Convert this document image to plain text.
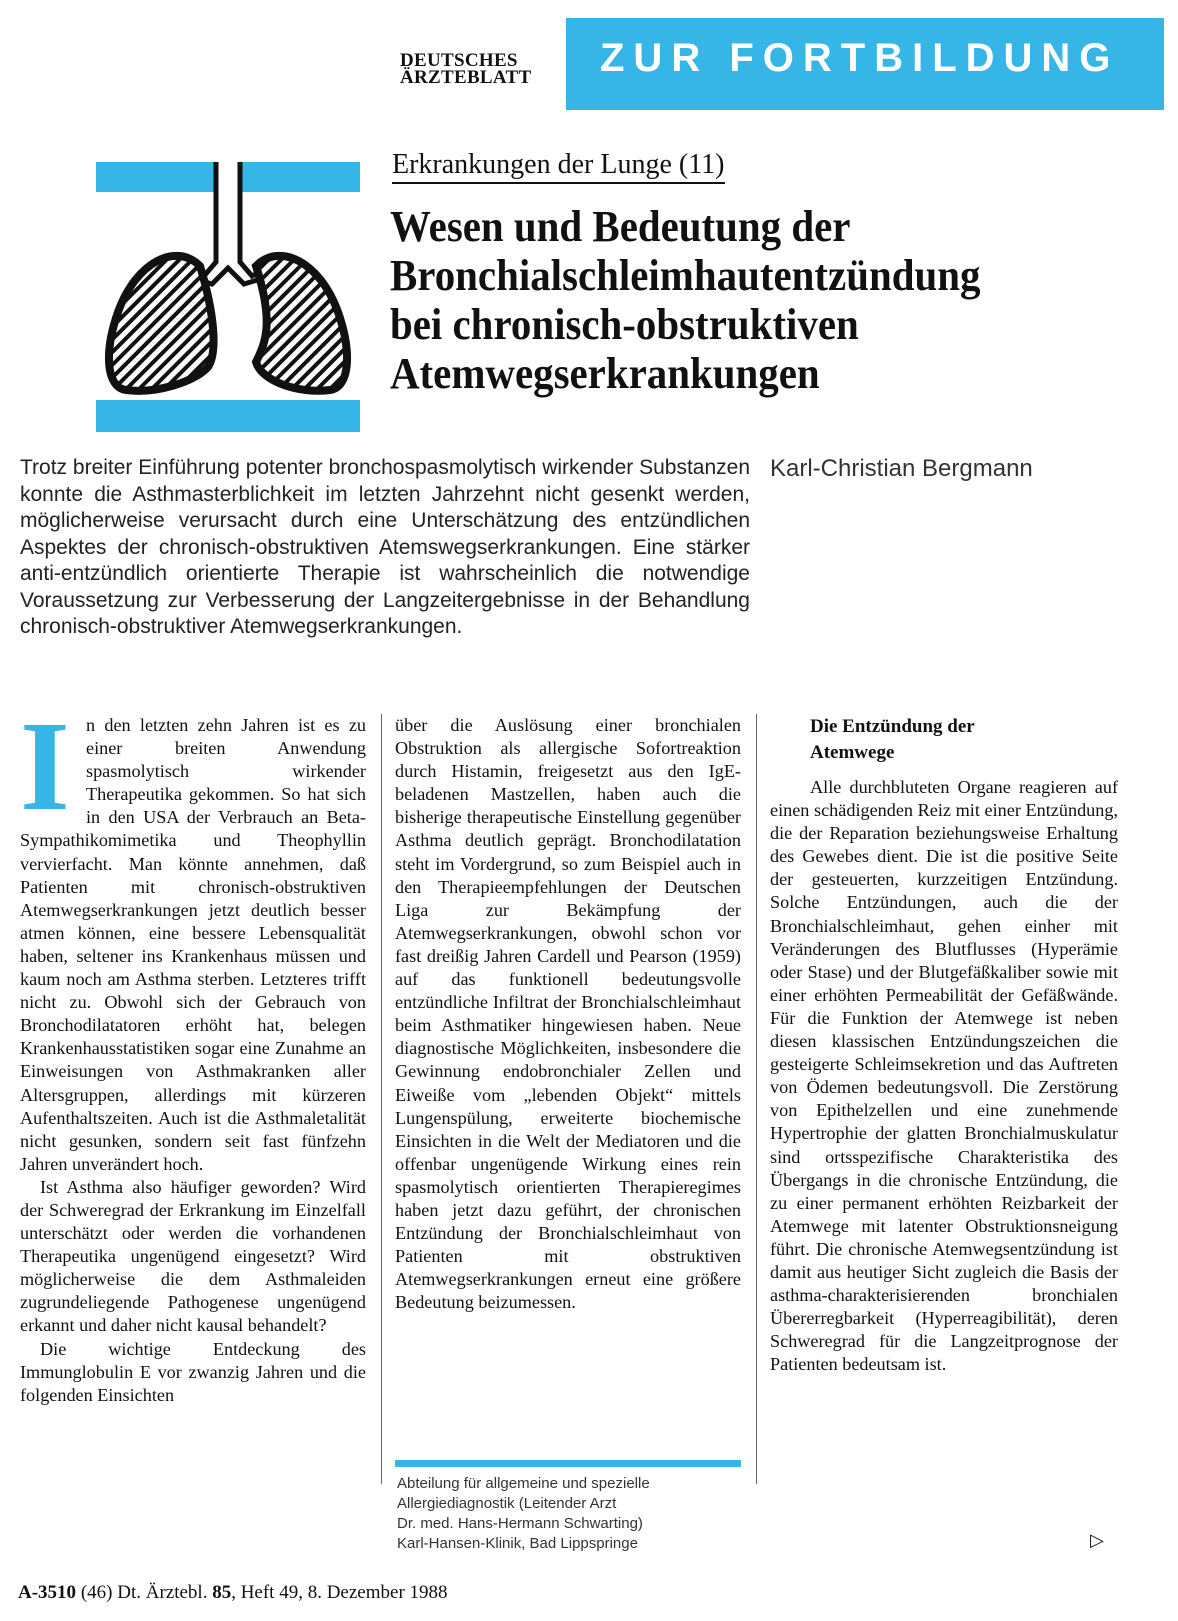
DEUTSCHES
ÄRZTEBLATT	ZUR FORTBILDUNG
Erkrankungen der Lunge (11)
Wesen und Bedeutung der
Bronchialschleimhautentzündung
bei chronisch-obstruktiven
Atemwegserkrankungen
Trotz breiter Einführung potenter bronchospasmolytisch wirkender Substanzen konnte die Asthmasterblichkeit im letzten Jahrzehnt nicht gesenkt werden, möglicherweise verursacht durch eine Unterschätzung des entzündlichen Aspektes der chronisch-obstruktiven Atemswegserkrankungen. Eine stärker anti-entzündlich orientierte Therapie ist wahrscheinlich die notwendige Voraussetzung zur Verbesserung der Langzeitergebnisse in der Behandlung chronisch-obstruktiver Atemwegserkrankungen.
Karl-Christian Bergmann

In den letzten zehn Jahren ist es zu einer breiten Anwendung spasmolytisch wirkender Therapeutika gekommen. So hat sich in den USA der Verbrauch an Beta-Sympathikomimetika und Theophyllin vervierfacht. Man könnte annehmen, daß Patienten mit chronisch-obstruktiven Atemwegserkrankungen jetzt deutlich besser atmen können, eine bessere Lebensqualität haben, seltener ins Krankenhaus müssen und kaum noch am Asthma sterben. Letzteres trifft nicht zu. Obwohl sich der Gebrauch von Bronchodilatatoren erhöht hat, belegen Krankenhausstatistiken sogar eine Zunahme an Einweisungen von Asthmakranken aller Altersgruppen, allerdings mit kürzeren Aufenthaltszeiten. Auch ist die Asthmaletalität nicht gesunken, sondern seit fast fünfzehn Jahren unverändert hoch.

Ist Asthma also häufiger geworden? Wird der Schweregrad der Erkrankung im Einzelfall unterschätzt oder werden die vorhandenen Therapeutika ungenügend eingesetzt? Wird möglicherweise die dem Asthmaleiden zugrundeliegende Pathogenese ungenügend erkannt und daher nicht kausal behandelt?

Die wichtige Entdeckung des Immunglobulin E vor zwanzig Jahren und die folgenden Einsichten

über die Auslösung einer bronchialen Obstruktion als allergische Sofortreaktion durch Histamin, freigesetzt aus den IgE-beladenen Mastzellen, haben auch die bisherige therapeutische Einstellung gegenüber Asthma deutlich geprägt. Bronchodilatation steht im Vordergrund, so zum Beispiel auch in den Therapieempfehlungen der Deutschen Liga zur Bekämpfung der Atemwegserkrankungen, obwohl schon vor fast dreißig Jahren Cardell und Pearson (1959) auf das funktionell bedeutungsvolle entzündliche Infiltrat der Bronchialschleimhaut beim Asthmatiker hingewiesen haben. Neue diagnostische Möglichkeiten, insbesondere die Gewinnung endobronchialer Zellen und Eiweiße vom „lebenden Objekt“ mittels Lungenspülung, erweiterte biochemische Einsichten in die Welt der Mediatoren und die offenbar ungenügende Wirkung eines rein spasmolytisch orientierten Therapieregimes haben jetzt dazu geführt, der chronischen Entzündung der Bronchialschleimhaut von Patienten mit obstruktiven Atemwegserkrankungen erneut eine größere Bedeutung beizumessen.

Abteilung für allgemeine und spezielle
Allergiediagnostik (Leitender Arzt
Dr. med. Hans-Hermann Schwarting)
Karl-Hansen-Klinik, Bad Lippspringe
Die Entzündung der Atemwege

Alle durchbluteten Organe reagieren auf einen schädigenden Reiz mit einer Entzündung, die der Reparation beziehungsweise Erhaltung des Gewebes dient. Die ist die positive Seite der gesteuerten, kurzzeitigen Entzündung. Solche Entzündungen, auch die der Bronchialschleimhaut, gehen einher mit Veränderungen des Blutflusses (Hyperämie oder Stase) und der Blutgefäßkaliber sowie mit einer erhöhten Permeabilität der Gefäßwände. Für die Funktion der Atemwege ist neben diesen klassischen Entzündungszeichen die gesteigerte Schleimsekretion und das Auftreten von Ödemen bedeutungsvoll. Die Zerstörung von Epithelzellen und eine zunehmende Hypertrophie der glatten Bronchialmuskulatur sind ortsspezifische Charakteristika des Übergangs in die chronische Entzündung, die zu einer permanent erhöhten Reizbarkeit der Atemwege mit latenter Obstruktionsneigung führt. Die chronische Atemwegsentzündung ist damit aus heutiger Sicht zugleich die Basis der asthma-charakterisierenden bronchialen Übererregbarkeit (Hyperreagibilität), deren Schweregrad für die Langzeitprognose der Patienten bedeutsam ist.

▷
A-3510 (46) Dt. Ärztebl. 85, Heft 49, 8. Dezember 1988
